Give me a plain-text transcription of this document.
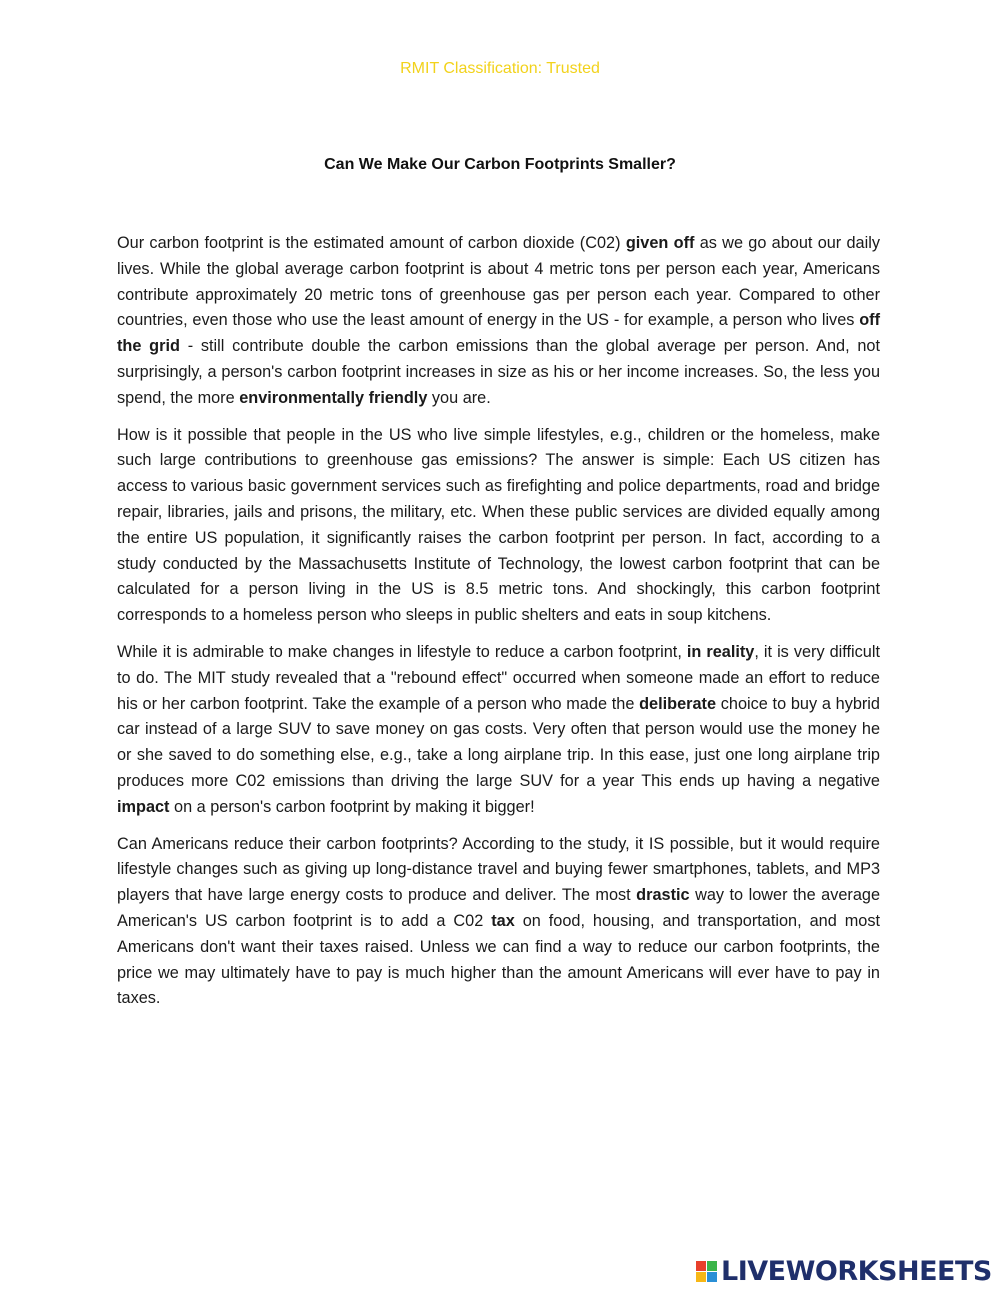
RMIT Classification: Trusted
Can We Make Our Carbon Footprints Smaller?

Our carbon footprint is the estimated amount of carbon dioxide (C02) given off as we go about our daily lives. While the global average carbon footprint is about 4 metric tons per person each year, Americans contribute approximately 20 metric tons of greenhouse gas per person each year. Compared to other countries, even those who use the least amount of energy in the US - for example, a person who lives off the grid - still contribute double the carbon emissions than the global average per person. And, not surprisingly, a person's carbon footprint increases in size as his or her income increases. So, the less you spend, the more environmentally friendly you are.

How is it possible that people in the US who live simple lifestyles, e.g., children or the homeless, make such large contributions to greenhouse gas emissions? The answer is simple: Each US citizen has access to various basic government services such as firefighting and police departments, road and bridge repair, libraries, jails and prisons, the military, etc. When these public services are divided equally among the entire US population, it significantly raises the carbon footprint per person. In fact, according to a study conducted by the Massachusetts Institute of Technology, the lowest carbon footprint that can be calculated for a person living in the US is 8.5 metric tons. And shockingly, this carbon footprint corresponds to a homeless person who sleeps in public shelters and eats in soup kitchens.

While it is admirable to make changes in lifestyle to reduce a carbon footprint, in reality, it is very difficult to do. The MIT study revealed that a "rebound effect" occurred when someone made an effort to reduce his or her carbon footprint. Take the example of a person who made the deliberate choice to buy a hybrid car instead of a large SUV to save money on gas costs. Very often that person would use the money he or she saved to do something else, e.g., take a long airplane trip. In this ease, just one long airplane trip produces more C02 emissions than driving the large SUV for a year This ends up having a negative impact on a person's carbon footprint by making it bigger!

Can Americans reduce their carbon footprints? According to the study, it IS possible, but it would require lifestyle changes such as giving up long-distance travel and buying fewer smartphones, tablets, and MP3 players that have large energy costs to produce and deliver. The most drastic way to lower the average American's US carbon footprint is to add a C02 tax on food, housing, and transportation, and most Americans don't want their taxes raised. Unless we can find a way to reduce our carbon footprints, the price we may ultimately have to pay is much higher than the amount Americans will ever have to pay in taxes.

LIVEWORKSHEETS
